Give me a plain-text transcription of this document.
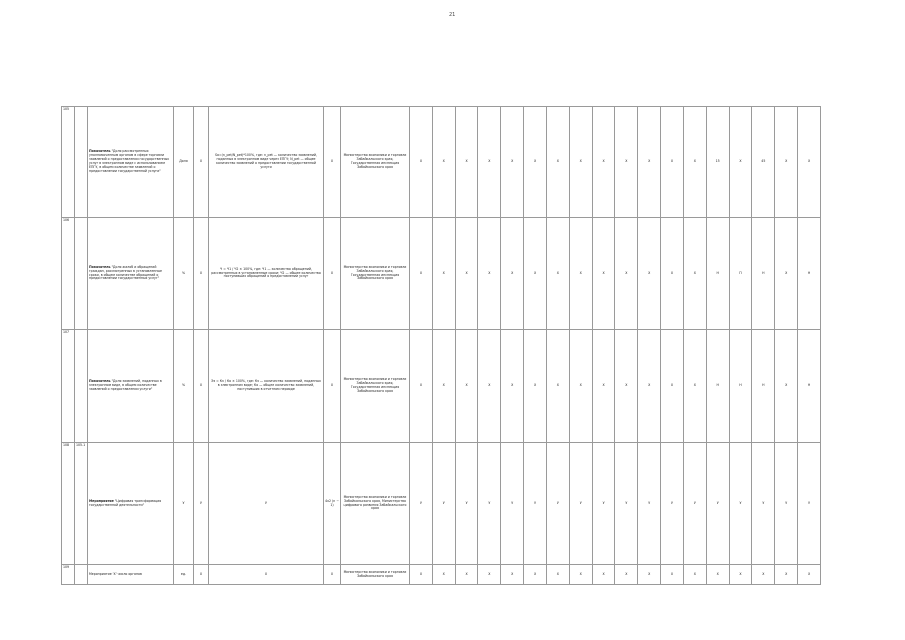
21
105		Показатель "Доля рассмотренных уполномоченным органом в сфере торговли заявлений о предоставлении государственных услуг в электронном виде с использованием ЕПГУ, в общем количестве заявлений о предоставлении государственной услуги"	Доля	Х	Sa=(n_pet/N_pet)*100%, где: n_pet — количество заявлений, поданных в электронном виде через ЕПГУ; N_pet — общее количество заявлений о предоставлении государственной услуги	Х	Министерство экономики и торговли Забайкальского края, Государственная инспекция Забайкальского края	Х	Х	Х	Х	Х	Х	Х	Х	Х	Х	Х	Х	Х	15	Х	45	Х	Х
106		Показатель "Доля жалоб и обращений граждан, рассмотренных в установленные сроки, в общем количестве обращений о предоставлении государственных услуг"	%	Х	Ч = Ч1 / Ч2 × 100%, где: Ч1 — количество обращений, рассмотренных в установленные сроки; Ч2 — общее количество поступивших обращений о предоставлении услуг	Х	Министерство экономики и торговли Забайкальского края, Государственная инспекция Забайкальского края	Х	Х	Х	Х	Х	Х	Х	Х	Х	Х	Х	Х	Х	Н	П	Н	Х	Н
107		Показатель "Доля заявлений, поданных в электронном виде, в общем количестве заявлений о предоставлении услуги"	%	Х	Ээ = Кэ / Ко × 100%, где: Кэ — количество заявлений, поданных в электронном виде; Ко — общее количество заявлений, поступивших в отчетном периоде	Х	Министерство экономики и торговли Забайкальского края, Государственная инспекция Забайкальского края	Х	Х	Х	Х	Х	Х	Х	Х	Х	Х	Х	Х	Х	Н	Н	Н	Х	Н
108	105.1	Мероприятие "Цифровая трансформация государственной деятельности"	У	У	У	4x2 (n − 1)	Министерство экономики и торговли Забайкальского края, Министерство цифрового развития Забайкальского края	У	У	У	У	У	У	У	У	У	У	У	У	У	У	У	У	У	У
109		Мероприятие 'Х' число органов	ед.	Х	Х	Х	Министерство экономики и торговли Забайкальского края	Х	Х	Х	Х	Х	Х	Х	Х	Х	Х	Х	Х	Х	Х	Х	Х	Х	Х
